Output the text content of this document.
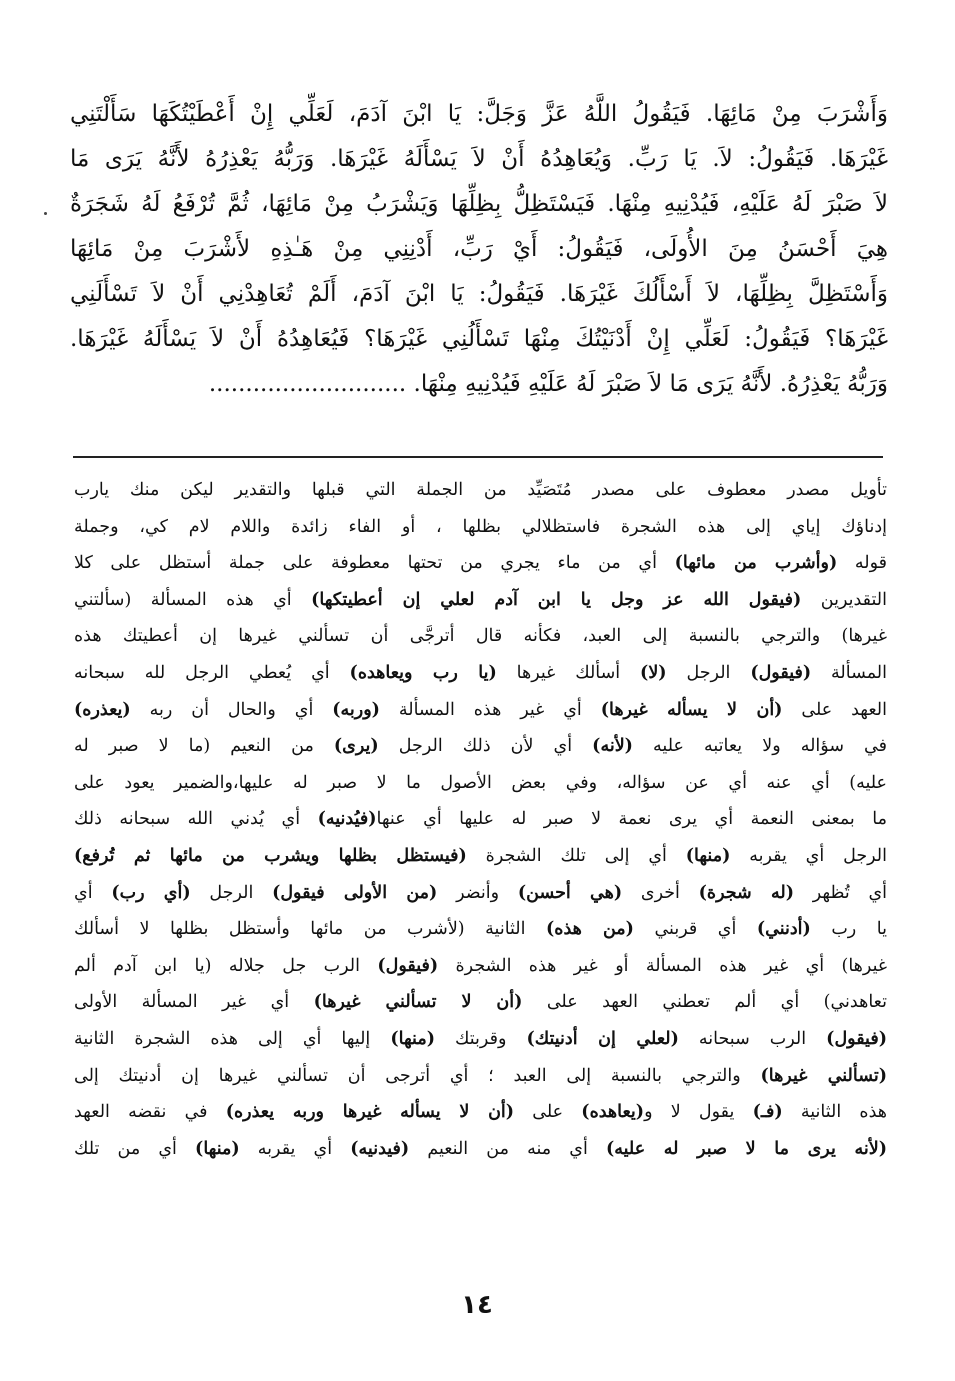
وَأَشْرَبَ مِنْ مَائِهَا. فَيَقُولُ اللَّهُ عَزَّ وَجَلَّ: يَا ابْنَ آدَمَ، لَعَلِّي إِنْ أَعْطَيْتُكَهَا سَأَلْتَنِي
غَيْرَهَا. فَيَقُولُ: لاَ. يَا رَبِّ. وَيُعَاهِدُهُ أَنْ لاَ يَسْأَلَهُ غَيْرَهَا. وَرَبُّهُ يَعْذِرُهُ لأَنَّهُ يَرَى مَا
لاَ صَبْرَ لَهُ عَلَيْهِ، فَيُدْنِيهِ مِنْهَا. فَيَسْتَظِلُّ بِظِلِّهَا وَيَشْرَبُ مِنْ مَائِهَا، ثُمَّ تُرْفَعُ لَهُ شَجَرَةٌ
هِيَ أَحْسَنُ مِنَ الأُولَى، فَيَقُولُ: أَيْ رَبِّ، أَدْنِنِي مِنْ هَـٰذِهِ لأَشْرَبَ مِنْ مَائِهَا
وَأَسْتَظِلَّ بِظِلِّهَا، لاَ أَسْأَلُكَ غَيْرَهَا. فَيَقُولُ: يَا ابْنَ آدَمَ، أَلَمْ تُعَاهِدْنِي أَنْ لاَ تَسْأَلَنِي
غَيْرَهَا؟ فَيَقُولُ: لَعَلِّي إِنْ أَدْنَيْتُكَ مِنْهَا تَسْأَلُنِي غَيْرَهَا؟ فَيُعَاهِدُهُ أَنْ لاَ يَسْأَلَهُ غَيْرَهَا.
وَرَبُّهُ يَعْذِرُهُ. لأَنَّهُ يَرَى مَا لاَ صَبْرَ لَهُ عَلَيْهِ فَيُدْنِيهِ مِنْهَا. ...........................
تأويل مصدر معطوف على مصدر مُتَصَيِّد من الجملة التي قبلها والتقدير ليكن منك يارب
إدناؤك إياي إلى هذه الشجرة فاستظلالي بظلها ، أو الفاء زائدة واللام لام كي، وجملة
قوله (وأشرب من مائها) أي من ماء يجري من تحتها معطوفة على جملة أستظل على كلا
التقديرين (فيقول الله عز وجل يا ابن آدم لعلي إن أعطيتكها) أي هذه المسألة (سألتني
غيرها) والترجي بالنسبة إلى العبد، فكأنه قال أترجَّى أن تسألني غيرها إن أعطيتك هذه
المسألة (فيقول) الرجل (لا) أسألك غيرها (يا رب ويعاهده) أي يُعطي الرجل لله سبحانه
العهد على (أن لا يسأله غيرها) أي غير هذه المسألة (وربه) أي والحال أن ربه (يعذره)
في سؤاله ولا يعاتبه عليه (لأنه) أي لأن ذلك الرجل (يرى) من النعيم (ما لا صبر له
عليه) أي عنه أي عن سؤاله، وفي بعض الأصول ما لا صبر له عليها،والضمير يعود على
ما بمعنى النعمة أي يرى نعمة لا صبر له عليها أي عنها(فيُدنيه) أي يُدني الله سبحانه ذلك
الرجل أي يقربه (منها) أي إلى تلك الشجرة (فيستظل بظلها ويشرب من مائها ثم تُرفع)
أي تُظهر (له شجرة) أخرى (هي أحسن) وأنضر (من الأولى فيقول) الرجل (أي رب) أي
يا رب (أدنني) أي قربني (من هذه) الثانية (لأشرب من مائها وأستظل بظلها لا أسألك
غيرها) أي غير هذه المسألة أو غير هذه الشجرة (فيقول) الرب جل جلاله (يا ابن آدم ألم
تعاهدني) أي ألم تعطني العهد على (أن لا تسألني غيرها) أي غير المسألة الأولى
(فيقول) الرب سبحانه (لعلي إن أدنيتك) وقربتك (منها) إليها أي إلى هذه الشجرة الثانية
(تسألني غيرها) والترجي بالنسبة إلى العبد ؛ أي أترجى أن تسألني غيرها إن أدنيتك إلى
هذه الثانية (فـ) يقول لا و(يعاهده) على (أن لا يسأله غيرها وربه يعذره) في نقضه العهد
(لأنه يرى ما لا صبر له عليه) أي منه من النعيم (فيدنيه) أي يقربه (منها) أي من تلك
١٤
